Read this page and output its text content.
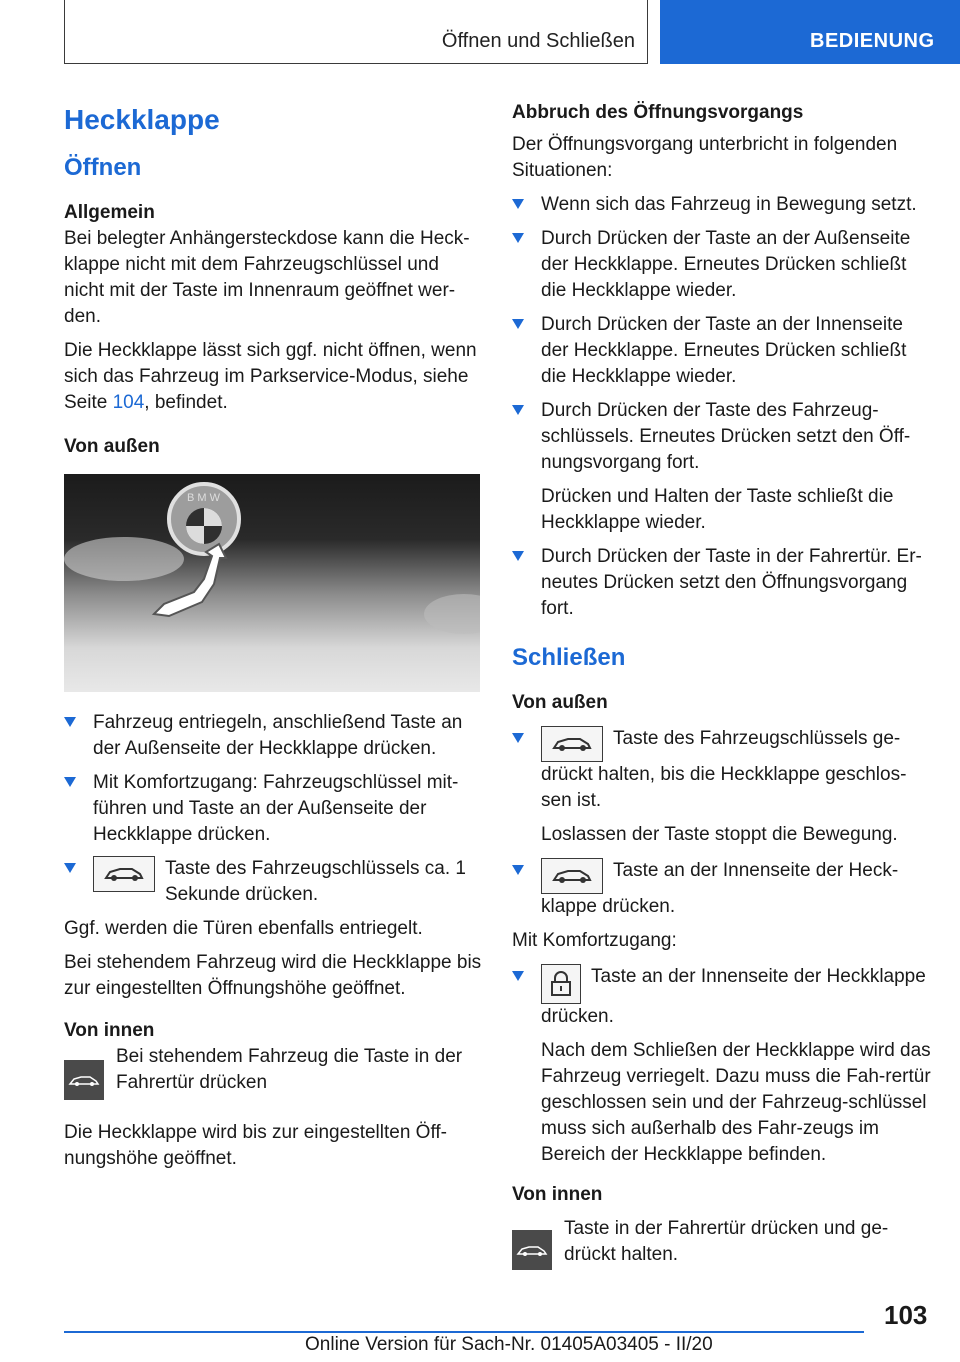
Öffnen und Schließen	BEDIENUNG
Heckklappe
Öffnen
Allgemein

Bei belegter Anhängersteckdose kann die Heck-klappe nicht mit dem Fahrzeugschlüssel und nicht mit der Taste im Innenraum geöffnet wer-den.

Die Heckklappe lässt sich ggf. nicht öffnen, wenn sich das Fahrzeug im Parkservice-Modus, siehe Seite 104, befindet.

Von außen
B M W
Fahrzeug entriegeln, anschließend Taste an der Außenseite der Heckklappe drücken.
Mit Komfortzugang: Fahrzeugschlüssel mit-führen und Taste an der Außenseite der Heckklappe drücken.
Taste des Fahrzeugschlüssels ca. 1 Sekunde drücken.

Ggf. werden die Türen ebenfalls entriegelt.

Bei stehendem Fahrzeug wird die Heckklappe bis zur eingestellten Öffnungshöhe geöffnet.

Von innen

Bei stehendem Fahrzeug die Taste in der Fahrertür drücken

Die Heckklappe wird bis zur eingestellten Öff-nungshöhe geöffnet.

Abbruch des Öffnungsvorgangs

Der Öffnungsvorgang unterbricht in folgenden Situationen:

Wenn sich das Fahrzeug in Bewegung setzt.
Durch Drücken der Taste an der Außenseite der Heckklappe. Erneutes Drücken schließt die Heckklappe wieder.
Durch Drücken der Taste an der Innenseite der Heckklappe. Erneutes Drücken schließt die Heckklappe wieder.
Durch Drücken der Taste des Fahrzeug-schlüssels. Erneutes Drücken setzt den Öff-nungsvorgang fort.
Drücken und Halten der Taste schließt die Heckklappe wieder.
Durch Drücken der Taste in der Fahrertür. Er-neutes Drücken setzt den Öffnungsvorgang fort.
Schließen
Von außen
Taste des Fahrzeugschlüssels ge-drückt halten, bis die Heckklappe geschlos-sen ist.
Loslassen der Taste stoppt die Bewegung.
Taste an der Innenseite der Heck-klappe drücken.

Mit Komfortzugang:

Taste an der Innenseite der Heckklappe drücken.
Nach dem Schließen der Heckklappe wird das Fahrzeug verriegelt. Dazu muss die Fah-rertür geschlossen sein und der Fahrzeug-schlüssel muss sich außerhalb des Fahr-zeugs im Bereich der Heckklappe befinden.
Von innen

Taste in der Fahrertür drücken und ge-drückt halten.

103
Online Version für Sach-Nr. 01405A03405 - II/20
